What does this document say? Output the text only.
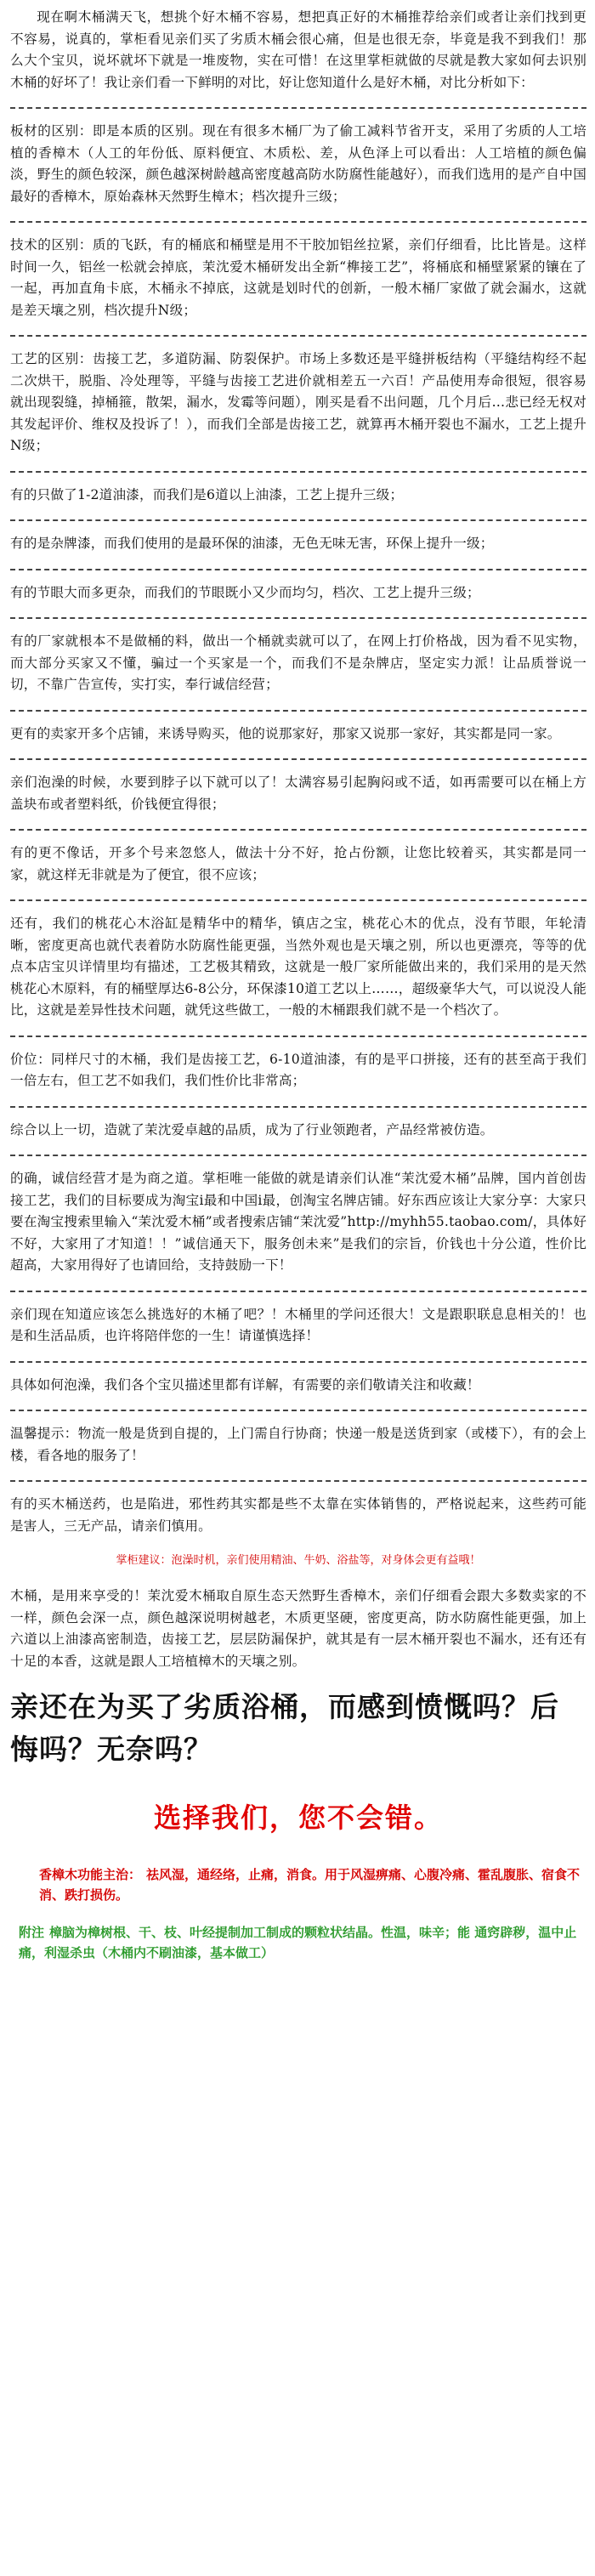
现在啊木桶满天飞，想挑个好木桶不容易，想把真正好的木桶推荐给亲们或者让亲们找到更不容易，说真的，掌柜看见亲们买了劣质木桶会很心痛，但是也很无奈，毕竟是我不到我们！那么大个宝贝，说坏就坏下就是一堆废物，实在可惜！在这里掌柜就做的尽就是教大家如何去识别木桶的好坏了！我让亲们看一下鲜明的对比，好让您知道什么是好木桶，对比分析如下：

板材的区别：即是本质的区别。现在有很多木桶厂为了偷工减料节省开支，采用了劣质的人工培植的香樟木（人工的年份低、原料便宜、木质松、差，从色泽上可以看出：人工培植的颜色偏淡，野生的颜色较深，颜色越深树龄越高密度越高防水防腐性能越好），而我们选用的是产自中国最好的香樟木，原始森林天然野生樟木；档次提升三级；

技术的区别：质的飞跃，有的桶底和桶壁是用不干胶加铝丝拉紧，亲们仔细看，比比皆是。这样时间一久，铝丝一松就会掉底，茉沈爱木桶研发出全新“榫接工艺”，将桶底和桶壁紧紧的镶在了一起，再加直角卡底，木桶永不掉底，这就是划时代的创新，一般木桶厂家做了就会漏水，这就是差天壤之别，档次提升N级；

工艺的区别：齿接工艺，多道防漏、防裂保护。市场上多数还是平缝拼板结构（平缝结构经不起二次烘干，脱脂、冷处理等，平缝与齿接工艺进价就相差五一六百！产品使用寿命很短，很容易就出现裂缝，掉桶箍，散架，漏水，发霉等问题），刚买是看不出问题，几个月后…悲已经无权对其发起评价、维权及投诉了！），而我们全部是齿接工艺，就算再木桶开裂也不漏水，工艺上提升N级；

有的只做了1-2道油漆，而我们是6道以上油漆，工艺上提升三级；

有的是杂牌漆，而我们使用的是最环保的油漆，无色无味无害，环保上提升一级；

有的节眼大而多更杂，而我们的节眼既小又少而均匀，档次、工艺上提升三级；

有的厂家就根本不是做桶的料，做出一个桶就卖就可以了，在网上打价格战，因为看不见实物，而大部分买家又不懂，骗过一个买家是一个，而我们不是杂牌店，坚定实力派！让品质誉说一切，不靠广告宣传，实打实，奉行诚信经营；

更有的卖家开多个店铺，来诱导购买，他的说那家好，那家又说那一家好，其实都是同一家。

亲们泡澡的时候，水要到脖子以下就可以了！太满容易引起胸闷或不适，如再需要可以在桶上方盖块布或者塑料纸，价钱便宜得很；

有的更不像话，开多个号来忽悠人，做法十分不好，抢占份额，让您比较着买，其实都是同一家，就这样无非就是为了便宜，很不应该；

还有，我们的桃花心木浴缸是精华中的精华，镇店之宝，桃花心木的优点，没有节眼，年轮清晰，密度更高也就代表着防水防腐性能更强，当然外观也是天壤之别，所以也更漂亮，等等的优点本店宝贝详情里均有描述，工艺极其精致，这就是一般厂家所能做出来的，我们采用的是天然桃花心木原料，有的桶壁厚达6-8公分，环保漆10道工艺以上……，超级豪华大气，可以说没人能比，这就是差异性技术问题，就凭这些做工，一般的木桶跟我们就不是一个档次了。

价位：同样尺寸的木桶，我们是齿接工艺，6-10道油漆，有的是平口拼接，还有的甚至高于我们一倍左右，但工艺不如我们，我们性价比非常高；

综合以上一切，造就了茉沈爱卓越的品质，成为了行业领跑者，产品经常被仿造。

的确，诚信经营才是为商之道。掌柜唯一能做的就是请亲们认准“茉沈爱木桶”品牌，国内首创齿接工艺，我们的目标要成为淘宝i最和中国i最，创淘宝名牌店铺。好东西应该让大家分享：大家只要在淘宝搜索里输入“茉沈爱木桶”或者搜索店铺“茉沈爱”http://myhh55.taobao.com/，具体好不好，大家用了才知道！！”诚信通天下，服务创未来”是我们的宗旨，价钱也十分公道，性价比超高，大家用得好了也请回给，支持鼓励一下！

亲们现在知道应该怎么挑选好的木桶了吧？！木桶里的学问还很大！文是跟职联息息相关的！也是和生活品质，也许将陪伴您的一生！请谨慎选择！

具体如何泡澡，我们各个宝贝描述里都有详解，有需要的亲们敬请关注和收藏！

温馨提示：物流一般是货到自提的，上门需自行协商；快递一般是送货到家（或楼下），有的会上楼，看各地的服务了！

有的买木桶送药，也是陷进，邪性药其实都是些不太靠在实体销售的，严格说起来，这些药可能是害人，三无产品，请亲们慎用。

掌柜建议：泡澡时机，亲们使用精油、牛奶、浴盐等，对身体会更有益哦！

木桶，是用来享受的！茉沈爱木桶取自原生态天然野生香樟木，亲们仔细看会跟大多数卖家的不一样，颜色会深一点，颜色越深说明树越老，木质更坚硬，密度更高，防水防腐性能更强，加上六道以上油漆高密制造，齿接工艺，层层防漏保护，就其是有一层木桶开裂也不漏水，还有还有十足的本香，这就是跟人工培植樟木的天壤之别。

亲还在为买了劣质浴桶，而感到愤慨吗？后悔吗？无奈吗？
选择我们，您不会错。
香樟木功能主治： 祛风湿，通经络，止痛，消食。用于风湿痹痛、心腹冷痛、霍乱腹胀、宿食不消、跌打损伤。
附注 樟脑为樟树根、干、枝、叶经提制加工制成的颗粒状结晶。性温，味辛；能 通窍辟秽，温中止痛，利湿杀虫（木桶内不刷油漆，基本做工）
